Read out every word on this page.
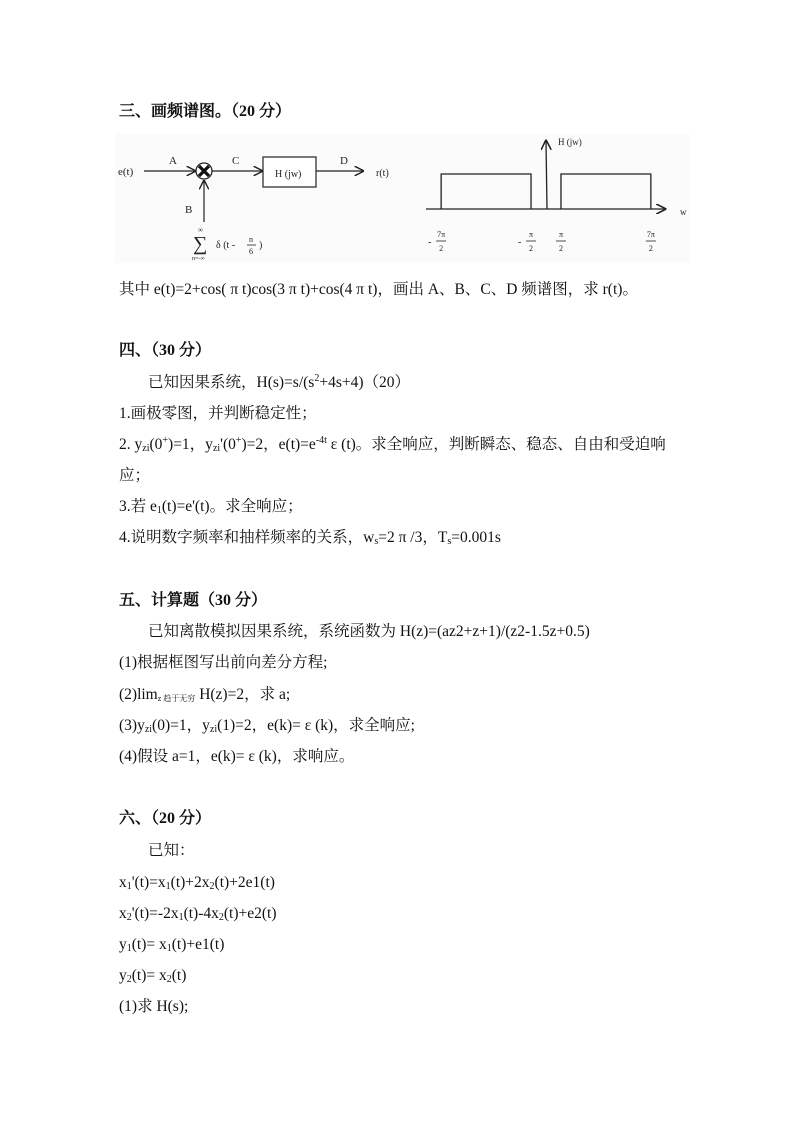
三、画频谱图。（20 分）
e(t)
A
B
C
H (jw)
D
r(t)
∞
∑
n=-∞
δ (t -
n
6
)
H (jw)
w
-
7π
2
-
π
2
π
2
7π
2
其中 e(t)=2+cos( π t)cos(3 π t)+cos(4 π t)，画出 A、B、C、D 频谱图，求 r(t)。
四、（30 分）
已知因果系统，$H(s)=s/(s^2+4s+4)(20)$
1.画极零图，并判断稳定性；
2. $y_{zi}(0^+)=1$，$y_{zi}'(0^+)=2$，$e(t)=e^{-4t}$ ε (t)。求全响应，判断瞬态、稳态、自由和受迫响
应；
3.若 $e_1(t)=e'(t)$。求全响应；
4.说明数字频率和抽样频率的关系，$w_s=2$ π /3，$T_s=0.001s$
五、计算题（30 分）
已知离散模拟因果系统，系统函数为 H(z)=(az2+z+1)/(z2-1.5z+0.5)
(1)根据框图写出前向差分方程;
$(2)\lim_{z 趋于无穷}$ H(z)=2，求 a;
$(3)y_{zi}(0)=1$，$y_{zi}(1)=2$，e(k)= ε (k)，求全响应;
(4)假设 a=1，e(k)= ε (k)，求响应。
六、（20 分）
已知：
$x_1'(t)=x_1(t)+2x_2(t)+2e1(t)$
$x_2'(t)=-2x_1(t)-4x_2(t)+e2(t)$
$y_1(t)= x_1(t)+e1(t)$
$y_2(t)= x_2(t)$
(1)求 H(s);
